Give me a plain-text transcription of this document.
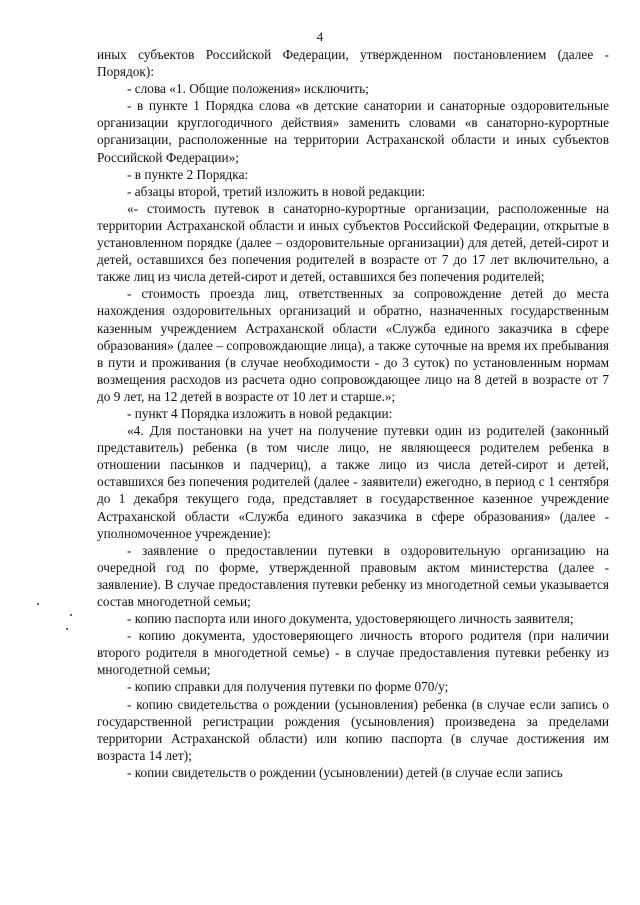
4

иных субъектов Российской Федерации, утвержденном постановлением (далее - Порядок):

- слова «1. Общие положения» исключить;

- в пункте 1 Порядка слова «в детские санатории и санаторные оздоровительные организации круглогодичного действия» заменить словами «в санаторно-курортные организации, расположенные на территории Астраханской области и иных субъектов Российской Федерации»;

- в пункте 2 Порядка:

- абзацы второй, третий изложить в новой редакции:

«- стоимость путевок в санаторно-курортные организации, расположенные на территории Астраханской области и иных субъектов Российской Федерации, открытые в установленном порядке (далее – оздоровительные организации) для детей, детей-сирот и детей, оставшихся без попечения родителей в возрасте от 7 до 17 лет включительно, а также лиц из числа детей-сирот и детей, оставшихся без попечения родителей;

- стоимость проезда лиц, ответственных за сопровождение детей до места нахождения оздоровительных организаций и обратно, назначенных государственным казенным учреждением Астраханской области «Служба единого заказчика в сфере образования» (далее – сопровождающие лица), а также суточные на время их пребывания в пути и проживания (в случае необходимости - до 3 суток) по установленным нормам возмещения расходов из расчета одно сопровождающее лицо на 8 детей в возрасте от 7 до 9 лет, на 12 детей в возрасте от 10 лет и старше.»;

- пункт 4 Порядка изложить в новой редакции:

«4. Для постановки на учет на получение путевки один из родителей (законный представитель) ребенка (в том числе лицо, не являющееся родителем ребенка в отношении пасынков и падчериц), а также лицо из числа детей-сирот и детей, оставшихся без попечения родителей (далее - заявители) ежегодно, в период с 1 сентября до 1 декабря текущего года, представляет в государственное казенное учреждение Астраханской области «Служба единого заказчика в сфере образования» (далее - уполномоченное учреждение):

- заявление о предоставлении путевки в оздоровительную организацию на очередной год по форме, утвержденной правовым актом министерства (далее - заявление). В случае предоставления путевки ребенку из многодетной семьи указывается состав многодетной семьи;

- копию паспорта или иного документа, удостоверяющего личность заявителя;

- копию документа, удостоверяющего личность второго родителя (при наличии второго родителя в многодетной семье) - в случае предоставления путевки ребенку из многодетной семьи;

- копию справки для получения путевки по форме 070/у;

- копию свидетельства о рождении (усыновления) ребенка (в случае если запись о государственной регистрации рождения (усыновления) произведена за пределами территории Астраханской области) или копию паспорта (в случае достижения им возраста 14 лет);

- копии свидетельств о рождении (усыновлении) детей (в случае если запись
